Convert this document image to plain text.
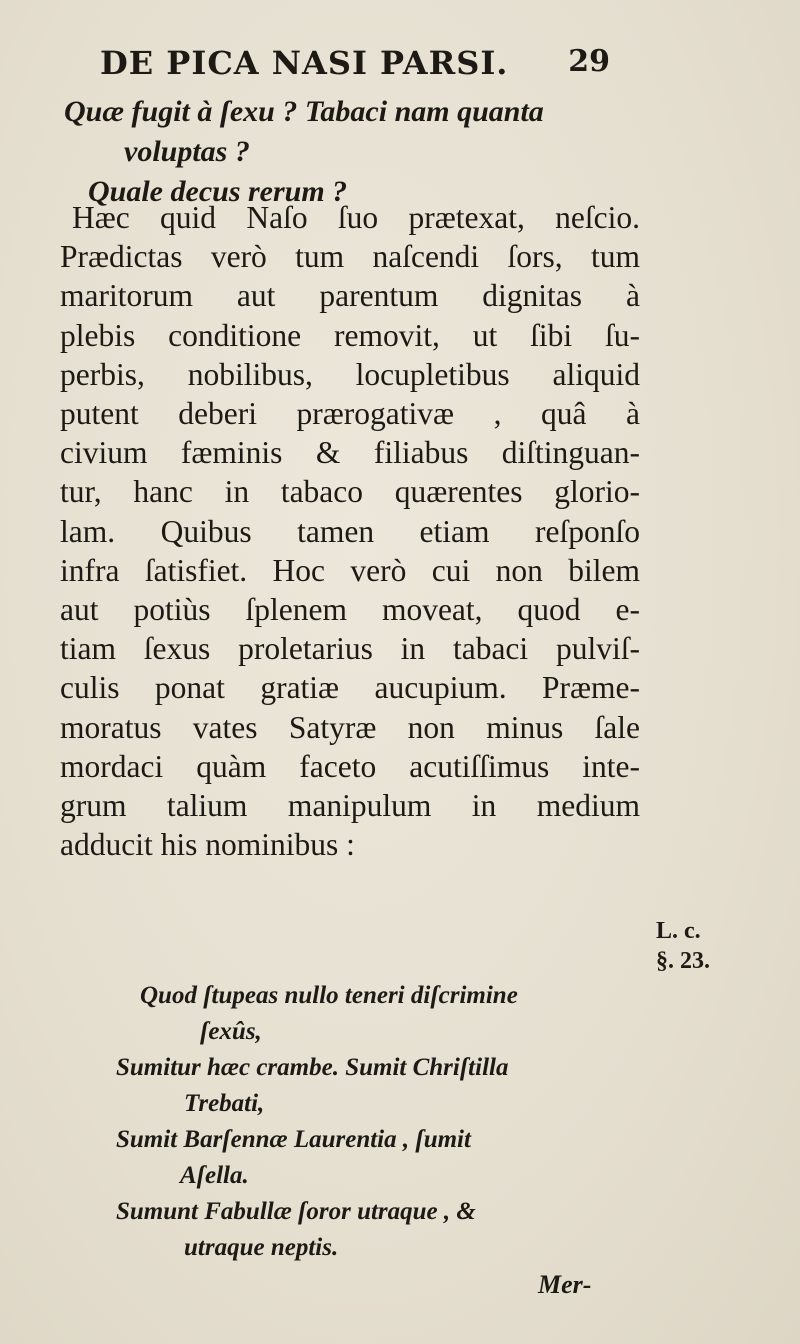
DE PICA NASI PARSI. 29
Quæ fugit à ſexu ? Tabaci nam quanta
voluptas ?
Quale decus rerum ?
Hæc quid Naſo ſuo prætexat, neſcio.
Prædictas verò tum naſcendi ſors, tum
maritorum aut parentum dignitas à
plebis conditione removit, ut ſibi ſu-
perbis, nobilibus, locupletibus aliquid
putent deberi prærogativæ , quâ à
civium fæminis & filiabus diſtinguan-
tur, hanc in tabaco quærentes glorio-
lam. Quibus tamen etiam reſponſo
infra ſatisfiet. Hoc verò cui non bilem
aut potiùs ſplenem moveat, quod e-
tiam ſexus proletarius in tabaci pulviſ-
culis ponat gratiæ aucupium. Præme-
moratus vates Satyræ non minus ſale
mordaci quàm faceto acutiſſimus inte-
grum talium manipulum in medium
adducit his nominibus :
L. c.
§. 23.
Quod ſtupeas nullo teneri diſcrimine
ſexûs,
Sumitur hæc crambe. Sumit Chriſtilla
Trebati,
Sumit Barſennæ Laurentia , ſumit
Aſella.
Sumunt Fabullæ ſoror utraque , &
utraque neptis.
Mer-
